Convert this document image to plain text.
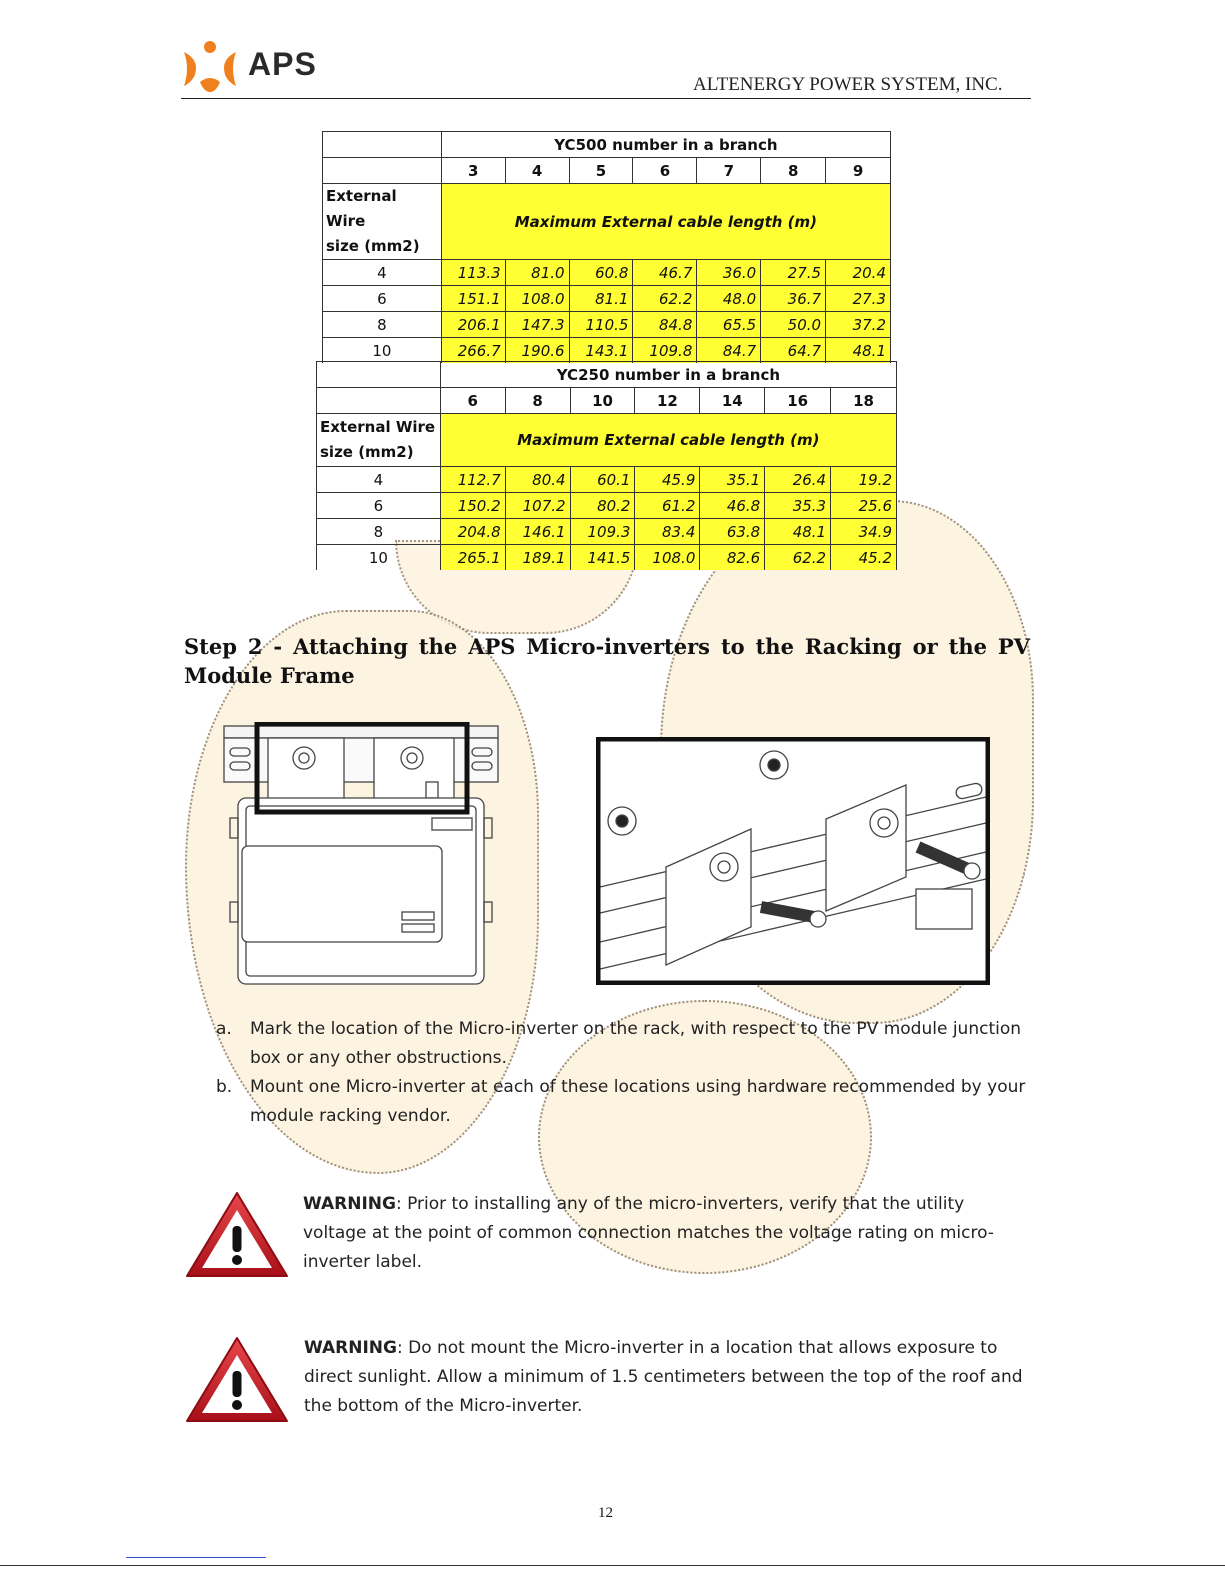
APS
ALTENERGY POWER SYSTEM, INC.
	YC500 number in a branch						
	3	4	5	6	7	8	9

External Wire
size (mm2)	Maximum External cable length (m)						
4	113.3	81.0	60.8	46.7	36.0	27.5	20.4
6	151.1	108.0	81.1	62.2	48.0	36.7	27.3
8	206.1	147.3	110.5	84.8	65.5	50.0	37.2
10	266.7	190.6	143.1	109.8	84.7	64.7	48.1
	YC250 number in a branch						
	6	8	10	12	14	16	18

External Wire
size (mm2)	Maximum External cable length (m)						
4	112.7	80.4	60.1	45.9	35.1	26.4	19.2
6	150.2	107.2	80.2	61.2	46.8	35.3	25.6
8	204.8	146.1	109.3	83.4	63.8	48.1	34.9
10	265.1	189.1	141.5	108.0	82.6	62.2	45.2
Step 2 - Attaching the APS Micro-inverters to the Racking or the PV Module Frame
a. Mark the location of the Micro-inverter on the rack, with respect to the PV module junction box or any other obstructions.
b. Mount one Micro-inverter at each of these locations using hardware recommended by your module racking vendor.
WARNING: Prior to installing any of the micro-inverters, verify that the utility voltage at the point of common connection matches the voltage rating on micro-inverter label.
WARNING: Do not mount the Micro-inverter in a location that allows exposure to direct sunlight. Allow a minimum of 1.5 centimeters between the top of the roof and the bottom of the Micro-inverter.
12
